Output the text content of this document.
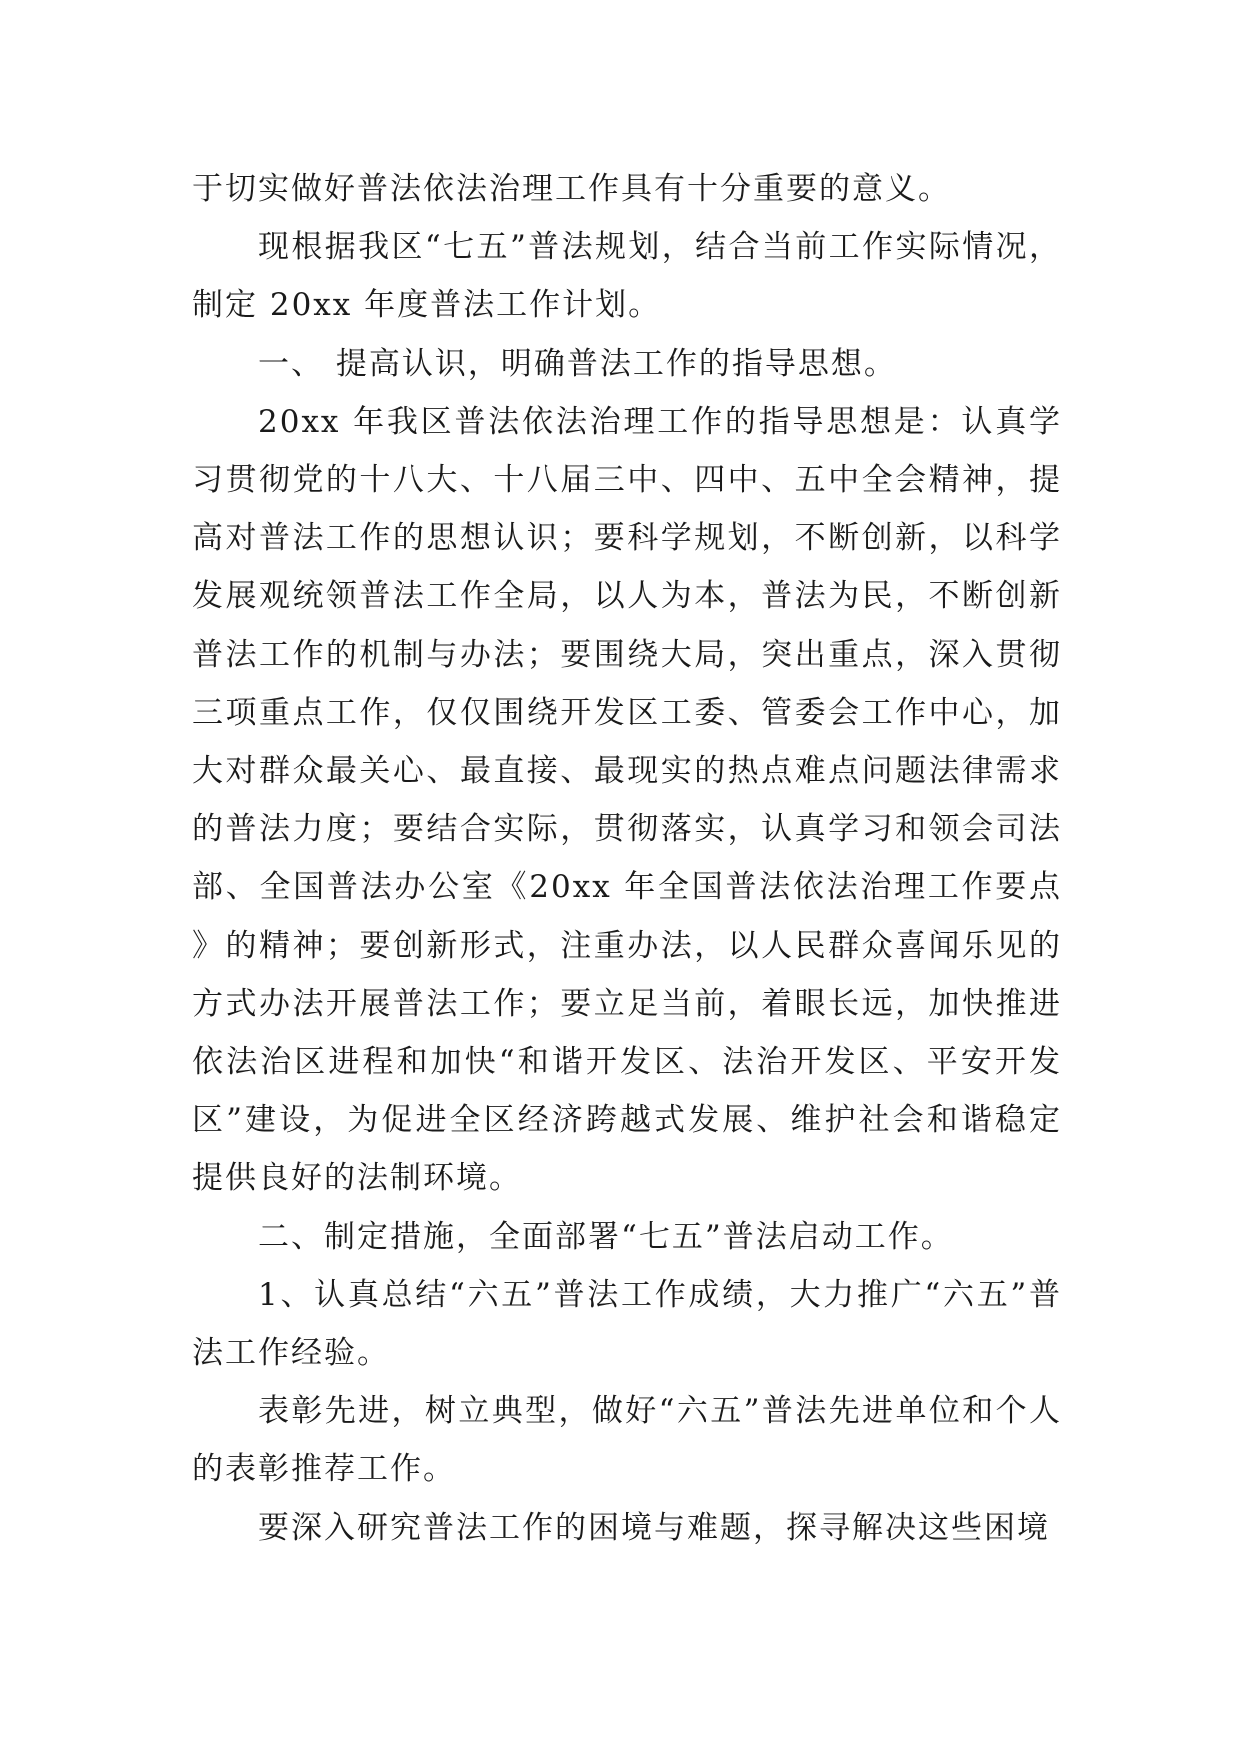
于切实做好普法依法治理工作具有十分重要的意义。

现根据我区“七五”普法规划，结合当前工作实际情况，制定 20xx 年度普法工作计划。

一、 提高认识，明确普法工作的指导思想。

20xx 年我区普法依法治理工作的指导思想是：认真学习贯彻党的十八大、十八届三中、四中、五中全会精神，提高对普法工作的思想认识；要科学规划，不断创新，以科学发展观统领普法工作全局，以人为本，普法为民，不断创新普法工作的机制与办法；要围绕大局，突出重点，深入贯彻三项重点工作，仅仅围绕开发区工委、管委会工作中心，加大对群众最关心、最直接、最现实的热点难点问题法律需求的普法力度；要结合实际，贯彻落实，认真学习和领会司法部、全国普法办公室《20xx 年全国普法依法治理工作要点》的精神；要创新形式，注重办法，以人民群众喜闻乐见的方式办法开展普法工作；要立足当前，着眼长远，加快推进依法治区进程和加快“和谐开发区、法治开发区、平安开发区”建设，为促进全区经济跨越式发展、维护社会和谐稳定提供良好的法制环境。

二、制定措施，全面部署“七五”普法启动工作。

1、认真总结“六五”普法工作成绩，大力推广“六五”普法工作经验。

表彰先进，树立典型，做好“六五”普法先进单位和个人的表彰推荐工作。

要深入研究普法工作的困境与难题，探寻解决这些困境
